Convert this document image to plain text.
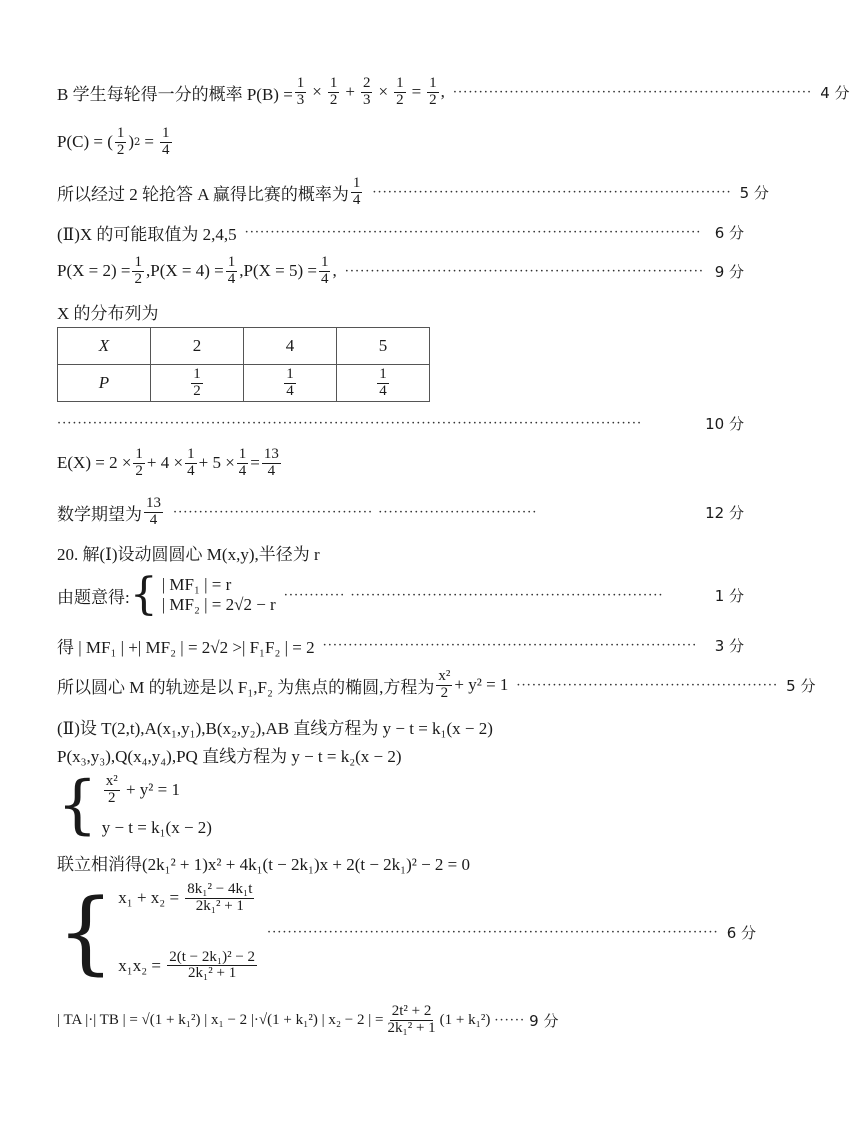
B 学生每轮得一分的概率 $P(B) = \frac{1}{3} \times \frac{1}{2} + \frac{2}{3} \times \frac{1}{2} = \frac{1}{2}$ , ······································································ 4 分
P(C) = ( $\frac{1}{2}$ ) $2 = \frac{1}{4}$
所以经过 2 轮抢答 A 赢得比赛的概率为 $\frac{1}{4}$ ······································································ 5 分
(Ⅱ)X 的可能取值为 2,4,5 ························································································· 6 分
$P(X = 2) = \frac{1}{2} ,P(X = 4) = \frac{1}{4} ,P(X = 5) = \frac{1}{4}$ , ······································································ 9 分
X 的分布列为
X	2	4	5
P	$\frac{1}{2}$	$\frac{1}{4}$	$\frac{1}{4}$
··················································································································	10 分
$E(X) = 2 \times \frac{1}{2} + 4 \times \frac{1}{4} + 5 \times \frac{1}{4} = \frac{13}{4}$
数学期望为 $\frac{13}{4}$ ······································· ·······························	12 分
20. 解(Ⅰ)设动圆圆心 M(x,y),半径为 r
由题意得: { | MF₁ | = r
| MF₂ | = 2√2 − r ············ ·····························································	1 分
得 | MF₁ | +| MF₂ | = 2√2 >| F₁F₂ | = 2 ·········································································	3 分
所以圆心 M 的轨迹是以 F₁,F₂ 为焦点的椭圆,方程为 $\frac{\text{x²}}{2} + y^2 = 1$ ··················································· 5 分
(Ⅱ)设 T(2,t),A(x₁,y₁),B(x₂,y₂),AB 直线方程为 y − t = k₁(x − 2)
P(x₃,y₃),Q(x₄,y₄),PQ 直线方程为 y − t = k₂(x − 2)
{ $\frac{\text{x²}}{2} + y^2 = 1$
y − t = k₁(x − 2)
联立相消得(2k₁² + 1)x² + 4k₁(t − 2k₁)x + 2(t − 2k₁)² − 2 = 0
{ $x_1 + x_2 = \frac{\text{8k₁² − 4k₁t}}{\text{2k₁² + 1}}$
$x_1x_2 = \frac{\text{2(t − 2k₁)² − 2}}{\text{2k₁² + 1}}$
························································································ 6 分
| TA |·| TB | = √(1 + k₁²) | x₁ − 2 |·√(1 + k₁²) | x₂ − 2 | = $\frac{\text{2t² + 2}}{\text{2k₁² + 1}} (1 + k_1^2)$ ······ 9 分
